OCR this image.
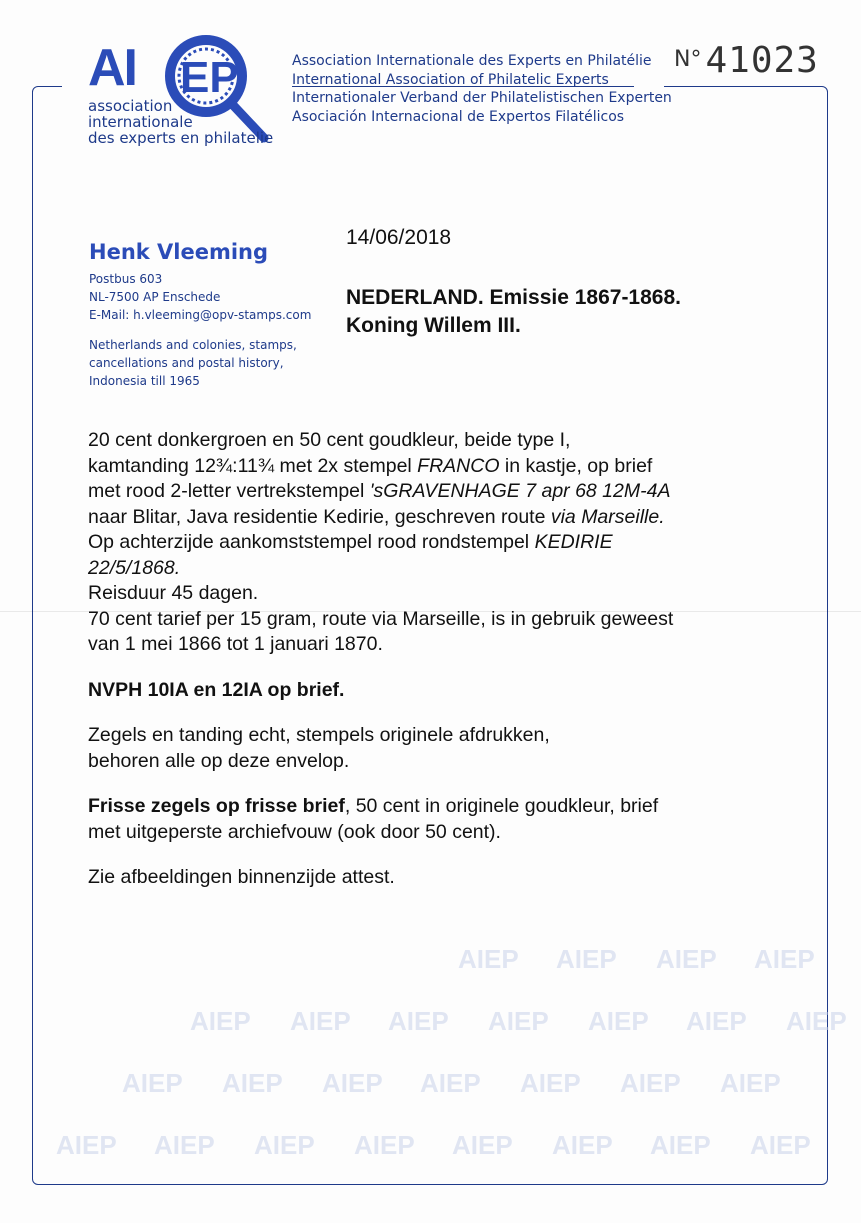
AI EP
association
internationale
des experts en philatelie
Association Internationale des Experts en Philatélie
International Association of Philatelic Experts
Internationaler Verband der Philatelistischen Experten
Asociación Internacional de Expertos Filatélicos
N° 41023
Henk Vleeming
Postbus 603
NL-7500 AP Enschede
E-Mail: h.vleeming@opv-stamps.com
Netherlands and colonies, stamps,
cancellations and postal history,
Indonesia till 1965
14/06/2018
NEDERLAND. Emissie 1867-1868.
Koning Willem III.

20 cent donkergroen en 50 cent goudkleur, beide type I,

kamtanding 12¾:11¾ met 2x stempel FRANCO in kastje, op brief

met rood 2-letter vertrekstempel 'sGRAVENHAGE 7 apr 68 12M-4A

naar Blitar, Java residentie Kedirie, geschreven route via Marseille.

Op achterzijde aankomststempel rood rondstempel KEDIRIE

22/5/1868.

Reisduur 45 dagen.

70 cent tarief per 15 gram, route via Marseille, is in gebruik geweest

van 1 mei 1866 tot 1 januari 1870.

NVPH 10IA en 12IA op brief.

Zegels en tanding echt, stempels originele afdrukken,

behoren alle op deze envelop.

Frisse zegels op frisse brief, 50 cent in originele goudkleur, brief

met uitgeperste archiefvouw (ook door 50 cent).

Zie afbeeldingen binnenzijde attest.

AIEP AIEP AIEP AIEP
AIEP AIEP AIEP AIEP AIEP AIEP AIEP
AIEP AIEP AIEP AIEP AIEP AIEP AIEP
AIEP AIEP AIEP AIEP AIEP AIEP AIEP AIEP
